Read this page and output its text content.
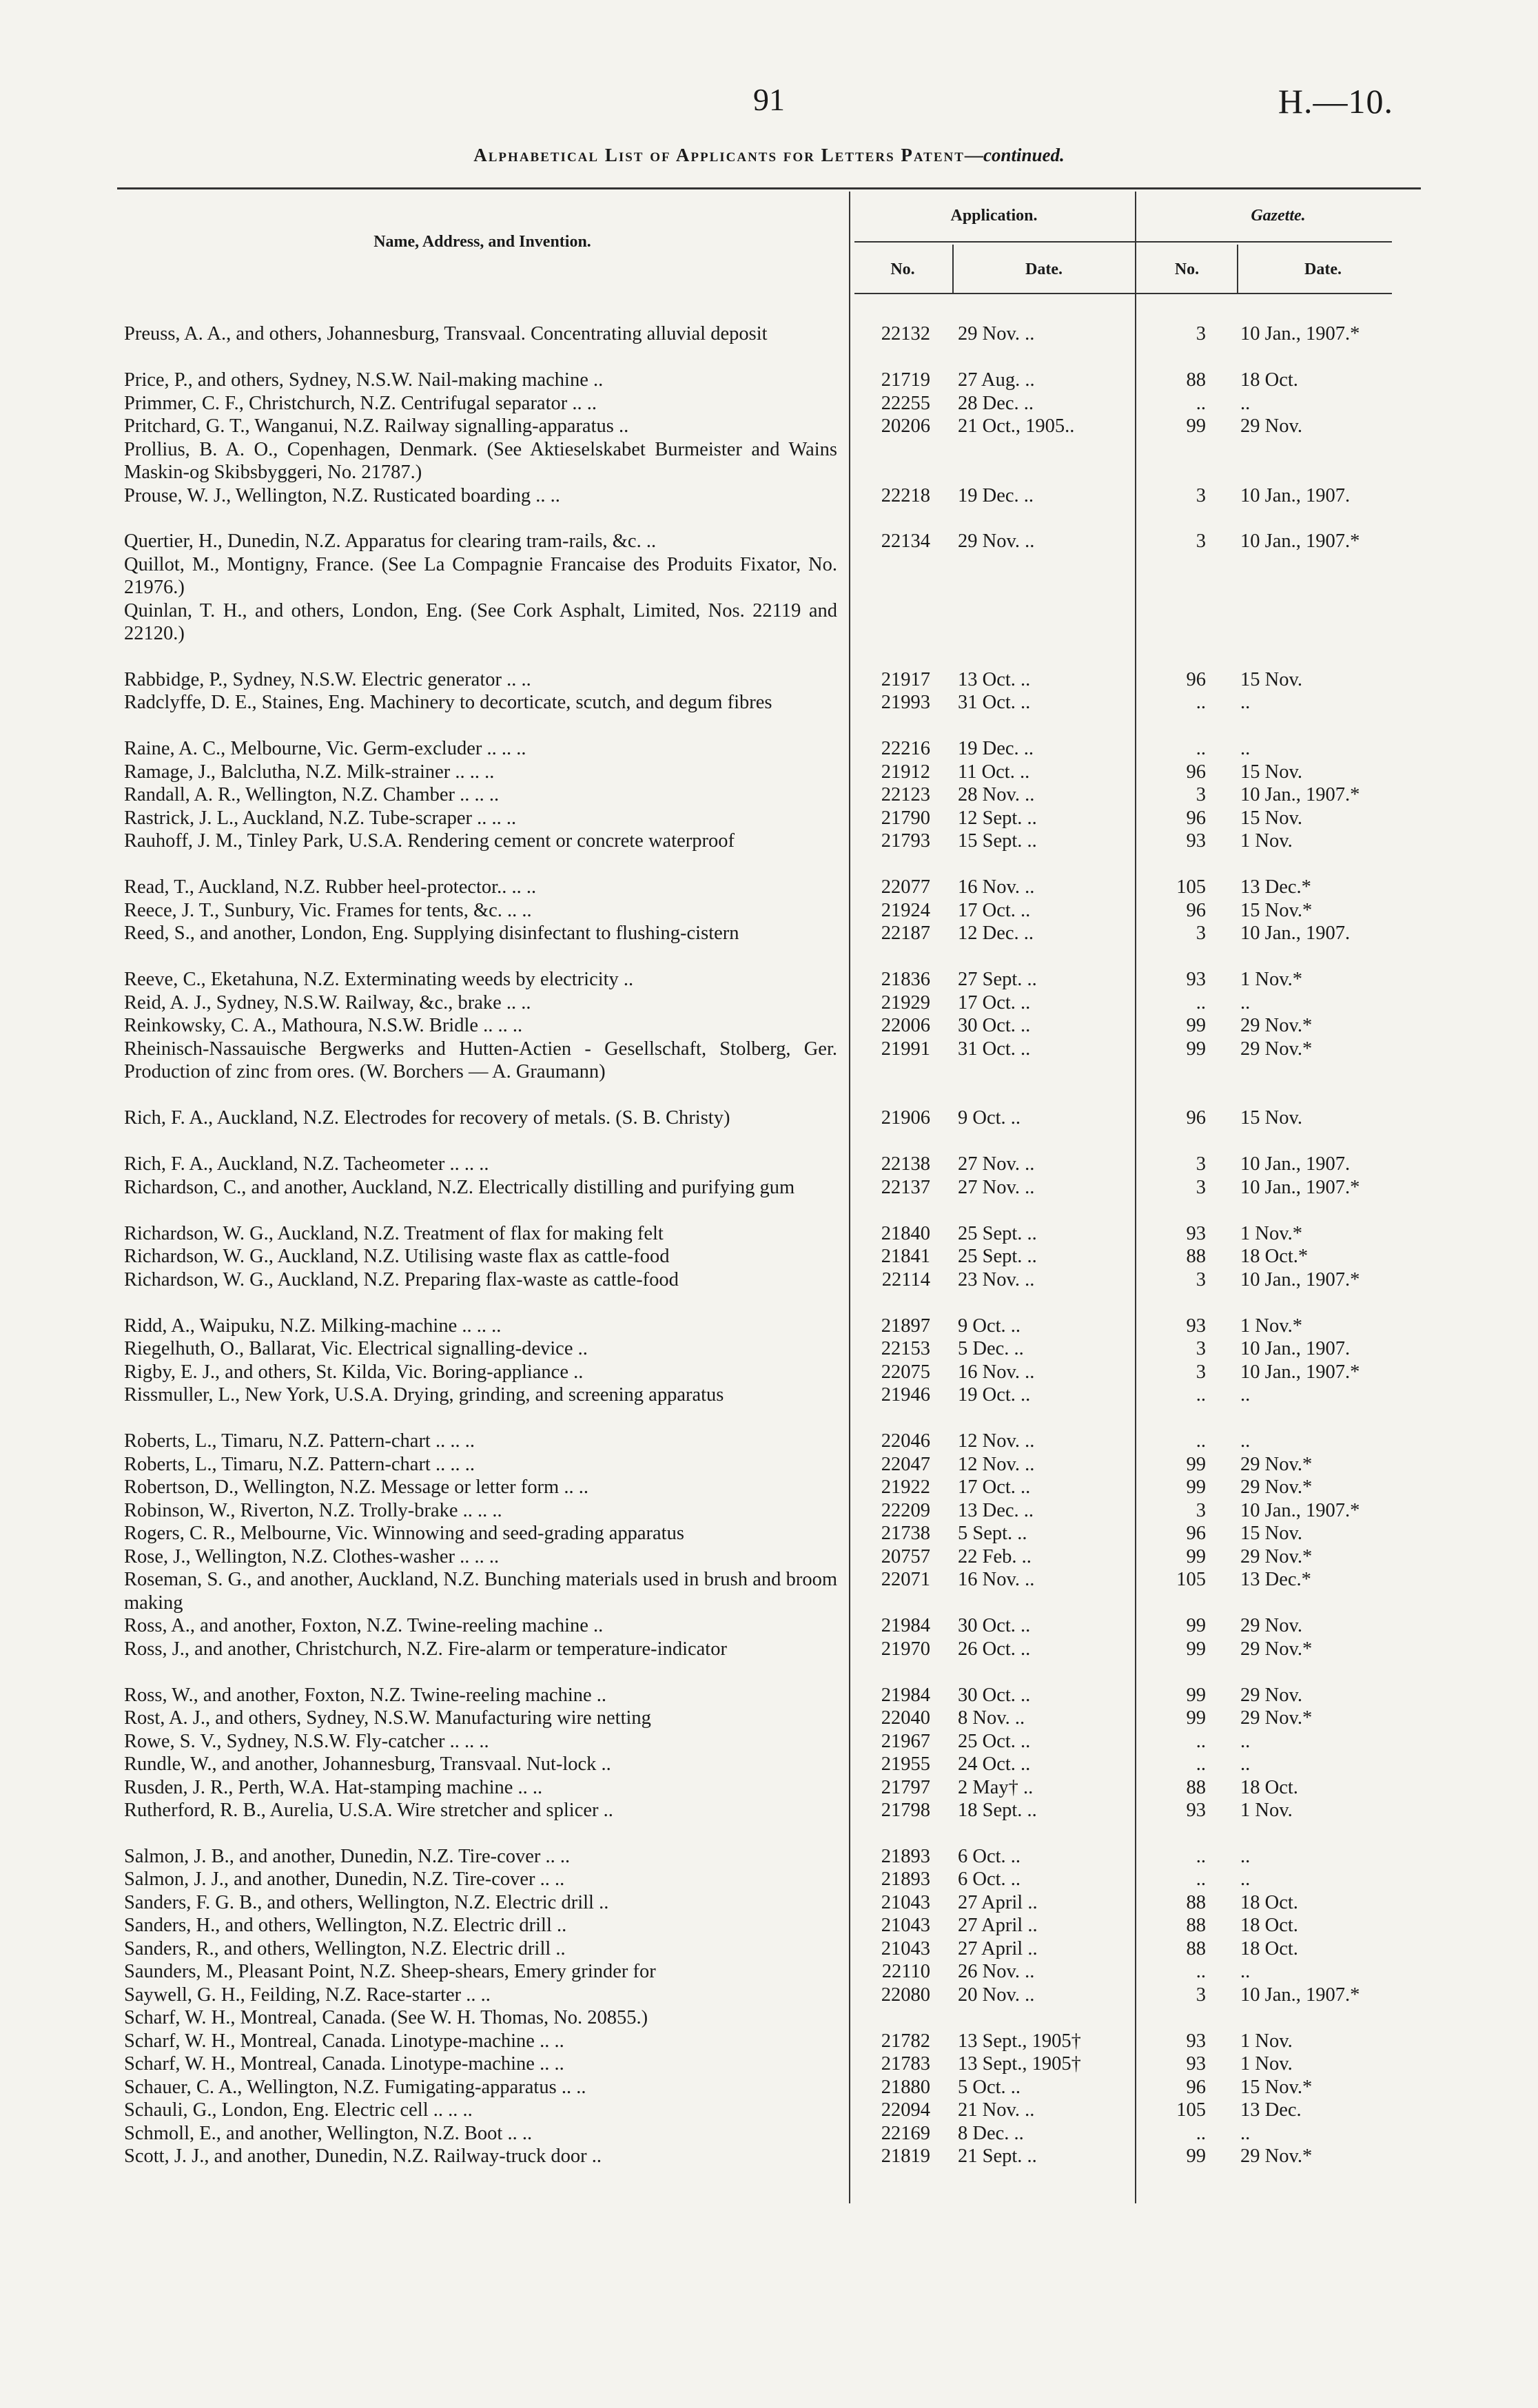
91	H.—10.
Alphabetical List of Applicants for Letters Patent—continued.
Name, Address, and Invention.
Application.	Gazette.
No.	Date.	No.	Date.
Preuss, A. A., and others, Johannesburg, Transvaal. Concentrating alluvial deposit	22132 29 Nov. ..	3 10 Jan., 1907.*
Price, P., and others, Sydney, N.S.W. Nail-making machine ..	21719 27 Aug. ..	88 18 Oct.
Primmer, C. F., Christchurch, N.Z. Centrifugal separator .. ..	22255 28 Dec. ..	.. ..
Pritchard, G. T., Wanganui, N.Z. Railway signalling-apparatus ..	20206 21 Oct., 1905..	99 29 Nov.
Prollius, B. A. O., Copenhagen, Denmark. (See Aktieselskabet Burmeister and Wains Maskin-og Skibsbyggeri, No. 21787.)
Prouse, W. J., Wellington, N.Z. Rusticated boarding .. ..	22218 19 Dec. ..	3 10 Jan., 1907.
Quertier, H., Dunedin, N.Z. Apparatus for clearing tram-rails, &c. ..	22134 29 Nov. ..	3 10 Jan., 1907.*
Quillot, M., Montigny, France. (See La Compagnie Francaise des Produits Fixator, No. 21976.)
Quinlan, T. H., and others, London, Eng. (See Cork Asphalt, Limited, Nos. 22119 and 22120.)
Rabbidge, P., Sydney, N.S.W. Electric generator .. ..	21917 13 Oct. ..	96 15 Nov.
Radclyffe, D. E., Staines, Eng. Machinery to decorticate, scutch, and degum fibres	21993 31 Oct. ..	.. ..
Raine, A. C., Melbourne, Vic. Germ-excluder .. .. ..	22216 19 Dec. ..	.. ..
Ramage, J., Balclutha, N.Z. Milk-strainer .. .. ..	21912 11 Oct. ..	96 15 Nov.
Randall, A. R., Wellington, N.Z. Chamber .. .. ..	22123 28 Nov. ..	3 10 Jan., 1907.*
Rastrick, J. L., Auckland, N.Z. Tube-scraper .. .. ..	21790 12 Sept. ..	96 15 Nov.
Rauhoff, J. M., Tinley Park, U.S.A. Rendering cement or concrete waterproof	21793 15 Sept. ..	93 1 Nov.
Read, T., Auckland, N.Z. Rubber heel-protector.. .. ..	22077 16 Nov. ..	105 13 Dec.*
Reece, J. T., Sunbury, Vic. Frames for tents, &c. .. ..	21924 17 Oct. ..	96 15 Nov.*
Reed, S., and another, London, Eng. Supplying disinfectant to flushing-cistern	22187 12 Dec. ..	3 10 Jan., 1907.
Reeve, C., Eketahuna, N.Z. Exterminating weeds by electricity ..	21836 27 Sept. ..	93 1 Nov.*
Reid, A. J., Sydney, N.S.W. Railway, &c., brake .. ..	21929 17 Oct. ..	.. ..
Reinkowsky, C. A., Mathoura, N.S.W. Bridle .. .. ..	22006 30 Oct. ..	99 29 Nov.*
Rheinisch-Nassauische Bergwerks and Hutten-Actien - Gesellschaft, Stolberg, Ger. Production of zinc from ores. (W. Borchers — A. Graumann)
21991 31 Oct. ..	99 29 Nov.*
Rich, F. A., Auckland, N.Z. Electrodes for recovery of metals. (S. B. Christy)	21906 9 Oct. ..	96 15 Nov.
Rich, F. A., Auckland, N.Z. Tacheometer .. .. ..	22138 27 Nov. ..	3 10 Jan., 1907.
Richardson, C., and another, Auckland, N.Z. Electrically distilling and purifying gum	22137 27 Nov. ..	3 10 Jan., 1907.*
Richardson, W. G., Auckland, N.Z. Treatment of flax for making felt	21840 25 Sept. ..	93 1 Nov.*
Richardson, W. G., Auckland, N.Z. Utilising waste flax as cattle-food	21841 25 Sept. ..	88 18 Oct.*
Richardson, W. G., Auckland, N.Z. Preparing flax-waste as cattle-food	22114 23 Nov. ..	3 10 Jan., 1907.*
Ridd, A., Waipuku, N.Z. Milking-machine .. .. ..	21897 9 Oct. ..	93 1 Nov.*
Riegelhuth, O., Ballarat, Vic. Electrical signalling-device ..	22153 5 Dec. ..	3 10 Jan., 1907.
Rigby, E. J., and others, St. Kilda, Vic. Boring-appliance ..	22075 16 Nov. ..	3 10 Jan., 1907.*
Rissmuller, L., New York, U.S.A. Drying, grinding, and screening apparatus	21946 19 Oct. ..	.. ..
Roberts, L., Timaru, N.Z. Pattern-chart .. .. ..	22046 12 Nov. ..	.. ..
Roberts, L., Timaru, N.Z. Pattern-chart .. .. ..	22047 12 Nov. ..	99 29 Nov.*
Robertson, D., Wellington, N.Z. Message or letter form .. ..	21922 17 Oct. ..	99 29 Nov.*
Robinson, W., Riverton, N.Z. Trolly-brake .. .. ..	22209 13 Dec. ..	3 10 Jan., 1907.*
Rogers, C. R., Melbourne, Vic. Winnowing and seed-grading apparatus	21738 5 Sept. ..	96 15 Nov.
Rose, J., Wellington, N.Z. Clothes-washer .. .. ..	20757 22 Feb. ..	99 29 Nov.*
Roseman, S. G., and another, Auckland, N.Z. Bunching materials used in brush and broom making
22071 16 Nov. ..	105 13 Dec.*
Ross, A., and another, Foxton, N.Z. Twine-reeling machine ..	21984 30 Oct. ..	99 29 Nov.
Ross, J., and another, Christchurch, N.Z. Fire-alarm or temperature-indicator	21970 26 Oct. ..	99 29 Nov.*
Ross, W., and another, Foxton, N.Z. Twine-reeling machine ..	21984 30 Oct. ..	99 29 Nov.
Rost, A. J., and others, Sydney, N.S.W. Manufacturing wire netting	22040 8 Nov. ..	99 29 Nov.*
Rowe, S. V., Sydney, N.S.W. Fly-catcher .. .. ..	21967 25 Oct. ..	.. ..
Rundle, W., and another, Johannesburg, Transvaal. Nut-lock ..	21955 24 Oct. ..	.. ..
Rusden, J. R., Perth, W.A. Hat-stamping machine .. ..	21797 2 May† ..	88 18 Oct.
Rutherford, R. B., Aurelia, U.S.A. Wire stretcher and splicer ..	21798 18 Sept. ..	93 1 Nov.
Salmon, J. B., and another, Dunedin, N.Z. Tire-cover .. ..	21893 6 Oct. ..	.. ..
Salmon, J. J., and another, Dunedin, N.Z. Tire-cover .. ..	21893 6 Oct. ..	.. ..
Sanders, F. G. B., and others, Wellington, N.Z. Electric drill ..	21043 27 April ..	88 18 Oct.
Sanders, H., and others, Wellington, N.Z. Electric drill ..	21043 27 April ..	88 18 Oct.
Sanders, R., and others, Wellington, N.Z. Electric drill ..	21043 27 April ..	88 18 Oct.
Saunders, M., Pleasant Point, N.Z. Sheep-shears, Emery grinder for	22110 26 Nov. ..	.. ..
Saywell, G. H., Feilding, N.Z. Race-starter .. ..	22080 20 Nov. ..	3 10 Jan., 1907.*
Scharf, W. H., Montreal, Canada. (See W. H. Thomas, No. 20855.)
Scharf, W. H., Montreal, Canada. Linotype-machine .. ..	21782 13 Sept., 1905†	93 1 Nov.
Scharf, W. H., Montreal, Canada. Linotype-machine .. ..	21783 13 Sept., 1905†	93 1 Nov.
Schauer, C. A., Wellington, N.Z. Fumigating-apparatus .. ..	21880 5 Oct. ..	96 15 Nov.*
Schauli, G., London, Eng. Electric cell .. .. ..	22094 21 Nov. ..	105 13 Dec.
Schmoll, E., and another, Wellington, N.Z. Boot .. ..	22169 8 Dec. ..	.. ..
Scott, J. J., and another, Dunedin, N.Z. Railway-truck door ..	21819 21 Sept. ..	99 29 Nov.*
